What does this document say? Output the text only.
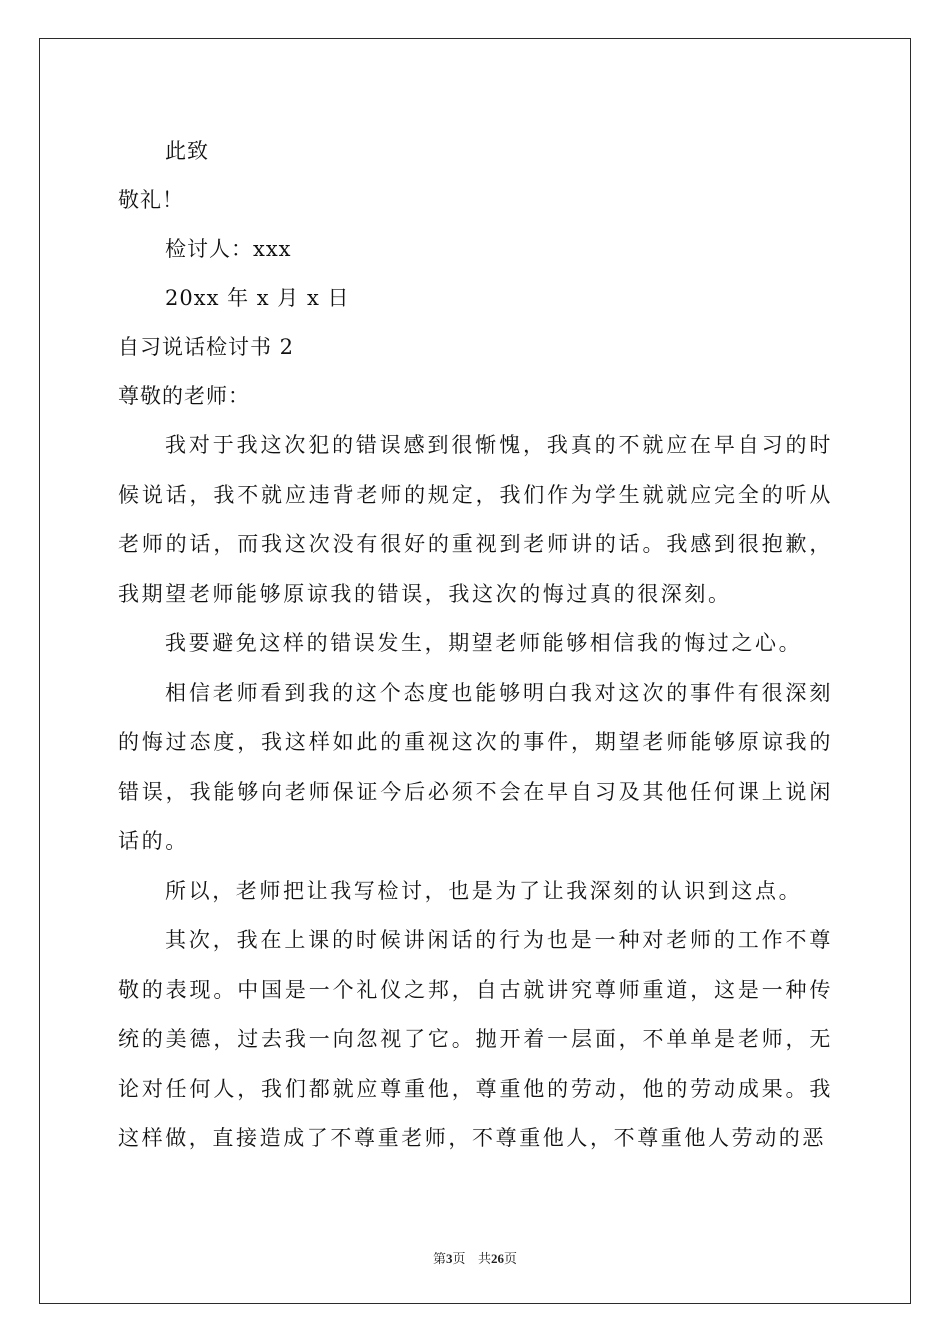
此致
敬礼！
检讨人：xxx
20xx 年 x 月 x 日
自习说话检讨书 2
尊敬的老师：

我对于我这次犯的错误感到很惭愧，我真的不就应在早自习的时候说话，我不就应违背老师的规定，我们作为学生就就应完全的听从老师的话，而我这次没有很好的重视到老师讲的话。我感到很抱歉，我期望老师能够原谅我的错误，我这次的悔过真的很深刻。

我要避免这样的错误发生，期望老师能够相信我的悔过之心。

相信老师看到我的这个态度也能够明白我对这次的事件有很深刻的悔过态度，我这样如此的重视这次的事件，期望老师能够原谅我的错误，我能够向老师保证今后必须不会在早自习及其他任何课上说闲话的。

所以，老师把让我写检讨，也是为了让我深刻的认识到这点。

其次，我在上课的时候讲闲话的行为也是一种对老师的工作不尊敬的表现。中国是一个礼仪之邦，自古就讲究尊师重道，这是一种传统的美德，过去我一向忽视了它。抛开着一层面，不单单是老师，无论对任何人，我们都就应尊重他，尊重他的劳动，他的劳动成果。我这样做，直接造成了不尊重老师，不尊重他人，不尊重他人劳动的恶

第3页 共26页
